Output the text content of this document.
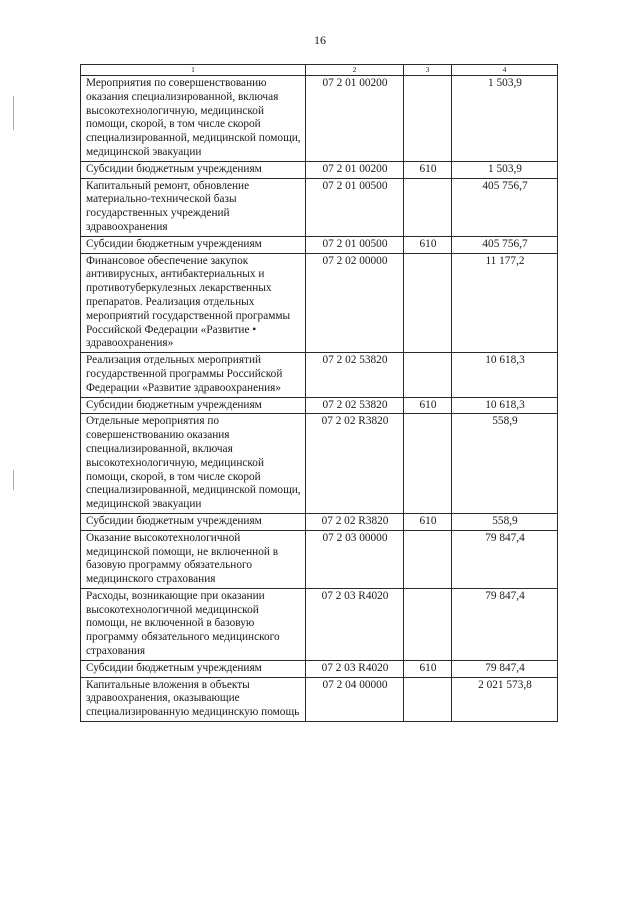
16
1	2	3	4
Мероприятия по совершенствованию оказания специализированной, включая высокотехнологичную, медицинской помощи, скорой, в том числе скорой специализированной, медицинской помощи, медицинской эвакуации	07 2 01 00200		1 503,9
Субсидии бюджетным учреждениям	07 2 01 00200	610	1 503,9
Капитальный ремонт, обновление материально-технической базы государственных учреждений здравоохранения	07 2 01 00500		405 756,7
Субсидии бюджетным учреждениям	07 2 01 00500	610	405 756,7
Финансовое обеспечение закупок антивирусных, антибактериальных и противотуберкулезных лекарственных препаратов. Реализация отдельных мероприятий государственной программы Российской Федерации «Развитие • здравоохранения»	07 2 02 00000		11 177,2
Реализация отдельных мероприятий государственной программы Российской Федерации «Развитие здравоохранения»	07 2 02 53820		10 618,3
Субсидии бюджетным учреждениям	07 2 02 53820	610	10 618,3
Отдельные мероприятия по совершенствованию оказания специализированной, включая высокотехнологичную, медицинской помощи, скорой, в том числе скорой специализированной, медицинской помощи, медицинской эвакуации	07 2 02 R3820		558,9
Субсидии бюджетным учреждениям	07 2 02 R3820	610	558,9
Оказание высокотехнологичной медицинской помощи, не включенной в базовую программу обязательного медицинского страхования	07 2 03 00000		79 847,4
Расходы, возникающие при оказании высокотехнологичной медицинской помощи, не включенной в базовую программу обязательного медицинского страхования	07 2 03 R4020		79 847,4
Субсидии бюджетным учреждениям	07 2 03 R4020	610	79 847,4
Капитальные вложения в объекты здравоохранения, оказывающие специализированную медицинскую помощь	07 2 04 00000		2 021 573,8
